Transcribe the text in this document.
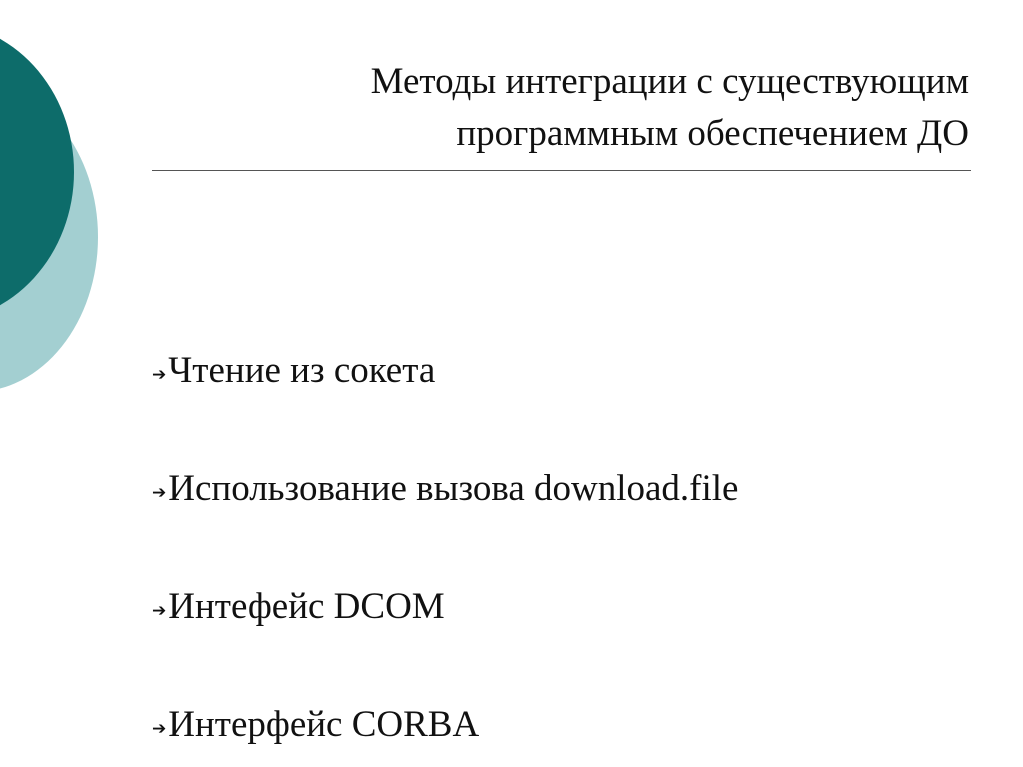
Методы интеграции с существующим
программным обеспечением ДО
➔ Чтение из сокета
➔ Использование вызова download.file
➔ Интефейс DCOM
➔ Интерфейс CORBA
